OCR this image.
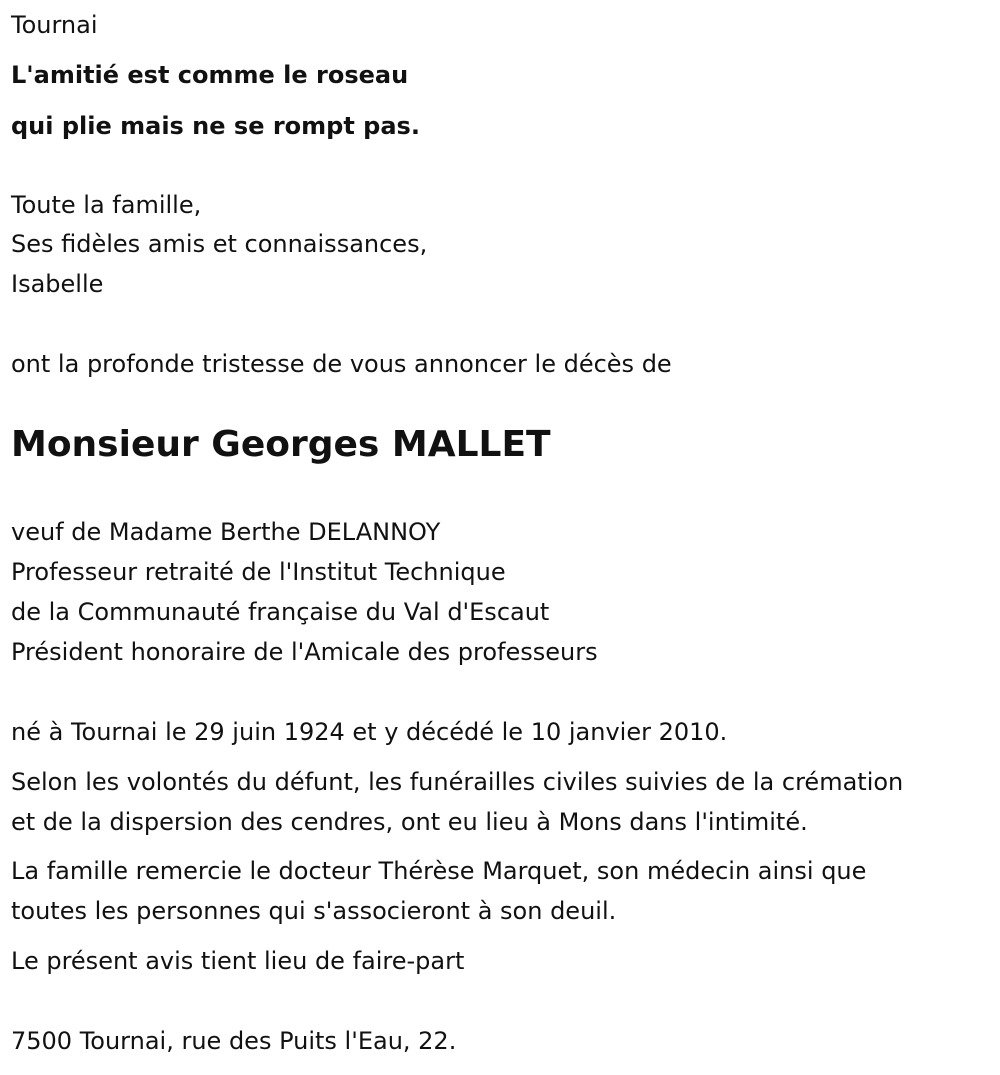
Tournai

L'amitié est comme le roseau

qui plie mais ne se rompt pas.

Toute la famille,

Ses fidèles amis et connaissances,

Isabelle

ont la profonde tristesse de vous annoncer le décès de

Monsieur Georges MALLET

veuf de Madame Berthe DELANNOY

Professeur retraité de l'Institut Technique

de la Communauté française du Val d'Escaut

Président honoraire de l'Amicale des professeurs

né à Tournai le 29 juin 1924 et y décédé le 10 janvier 2010.

Selon les volontés du défunt, les funérailles civiles suivies de la crémation

et de la dispersion des cendres, ont eu lieu à Mons dans l'intimité.

La famille remercie le docteur Thérèse Marquet, son médecin ainsi que

toutes les personnes qui s'associeront à son deuil.

Le présent avis tient lieu de faire-part

7500 Tournai, rue des Puits l'Eau, 22.
